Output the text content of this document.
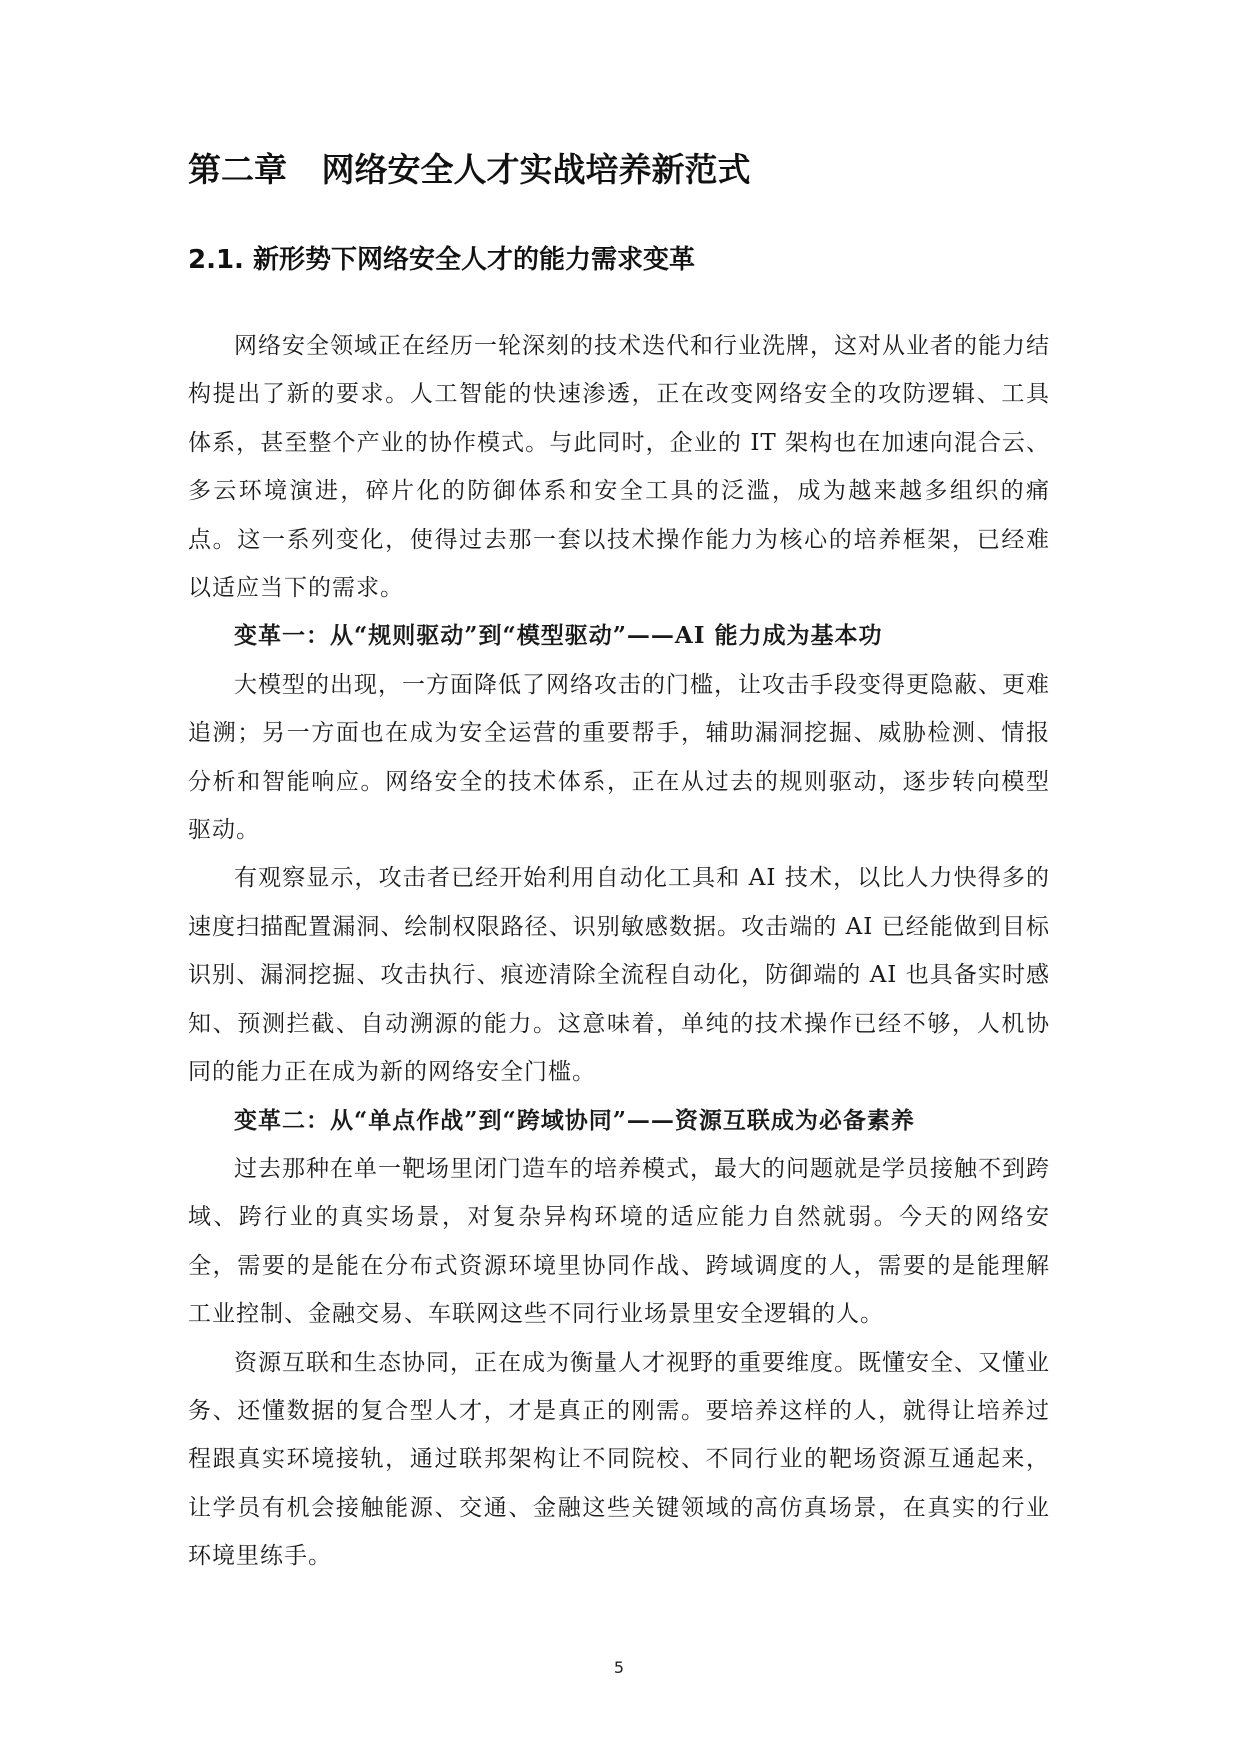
第二章   网络安全人才实战培养新范式
2.1. 新形势下网络安全人才的能力需求变革

网络安全领域正在经历一轮深刻的技术迭代和行业洗牌，这对从业者的能力结构提出了新的要求。人工智能的快速渗透，正在改变网络安全的攻防逻辑、工具体系，甚至整个产业的协作模式。与此同时，企业的 IT 架构也在加速向混合云、多云环境演进，碎片化的防御体系和安全工具的泛滥，成为越来越多组织的痛点。这一系列变化，使得过去那一套以技术操作能力为核心的培养框架，已经难以适应当下的需求。

变革一：从“规则驱动”到“模型驱动”——AI 能力成为基本功

大模型的出现，一方面降低了网络攻击的门槛，让攻击手段变得更隐蔽、更难追溯；另一方面也在成为安全运营的重要帮手，辅助漏洞挖掘、威胁检测、情报分析和智能响应。网络安全的技术体系，正在从过去的规则驱动，逐步转向模型驱动。

有观察显示，攻击者已经开始利用自动化工具和 AI 技术，以比人力快得多的速度扫描配置漏洞、绘制权限路径、识别敏感数据。攻击端的 AI 已经能做到目标识别、漏洞挖掘、攻击执行、痕迹清除全流程自动化，防御端的 AI 也具备实时感知、预测拦截、自动溯源的能力。这意味着，单纯的技术操作已经不够，人机协同的能力正在成为新的网络安全门槛。

变革二：从“单点作战”到“跨域协同”——资源互联成为必备素养

过去那种在单一靶场里闭门造车的培养模式，最大的问题就是学员接触不到跨域、跨行业的真实场景，对复杂异构环境的适应能力自然就弱。今天的网络安全，需要的是能在分布式资源环境里协同作战、跨域调度的人，需要的是能理解工业控制、金融交易、车联网这些不同行业场景里安全逻辑的人。

资源互联和生态协同，正在成为衡量人才视野的重要维度。既懂安全、又懂业务、还懂数据的复合型人才，才是真正的刚需。要培养这样的人，就得让培养过程跟真实环境接轨，通过联邦架构让不同院校、不同行业的靶场资源互通起来，让学员有机会接触能源、交通、金融这些关键领域的高仿真场景，在真实的行业环境里练手。

5
